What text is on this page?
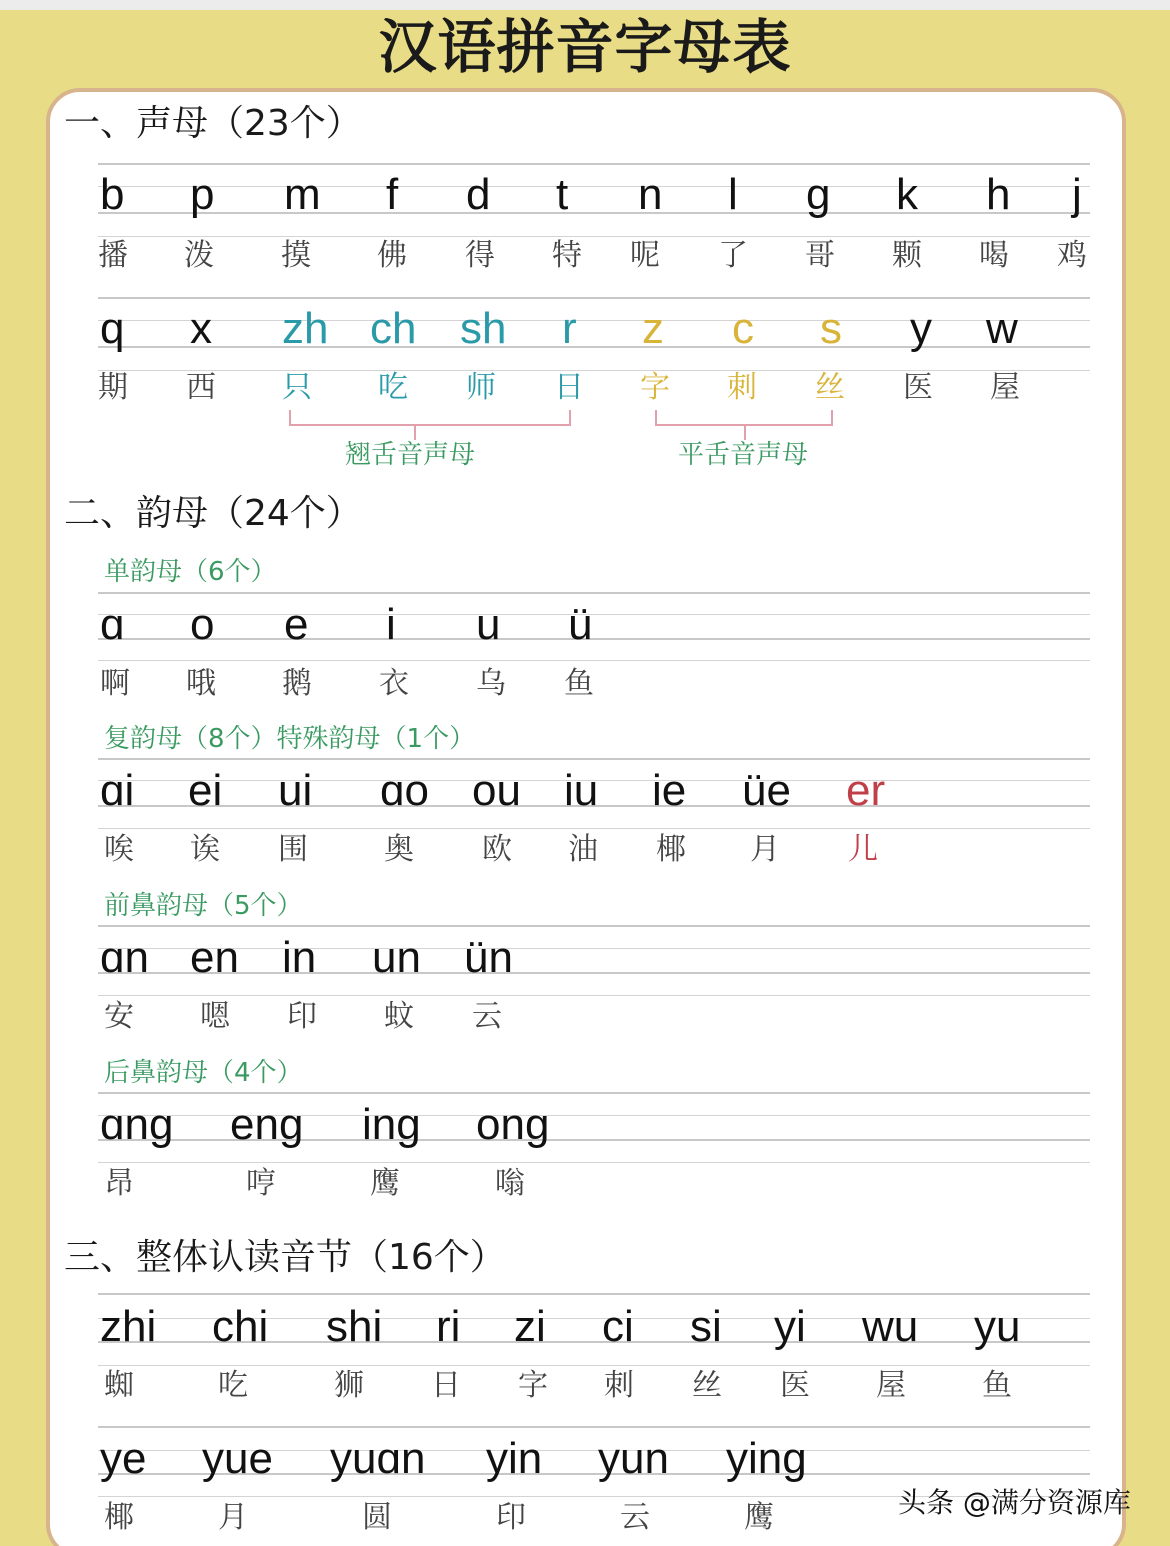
汉语拼音字母表
一、声母（23个）
b p m f d t n l g k h j
播 泼 摸 佛 得 特 呢 了 哥 颗 喝 鸡
q x zh ch sh r z c s y w
期 西 只 吃 师 日 字 刺 丝 医 屋
翘舌音声母	平舌音声母
二、韵母（24个）
单韵母（6个）
ɑ o e i u ü
啊 哦 鹅 衣 乌 鱼
复韵母（8个）特殊韵母（1个）
ɑi ei ui ɑo ou iu ie üe er
唉 诶 围	奥 欧 油 椰 月 儿
前鼻韵母（5个）
ɑn en in un ün
安 嗯 印 蚊 云
后鼻韵母（4个）
ɑng eng ing ong
昂	哼	鹰	嗡
三、整体认读音节（16个）
zhi chi shi ri zi ci si yi wu yu
蜘	吃	狮 日 字 刺 丝 医 屋	鱼
ye yue yuɑn yin yun ying
椰	月	圆	印	云	鹰	头条 @满分资源库
